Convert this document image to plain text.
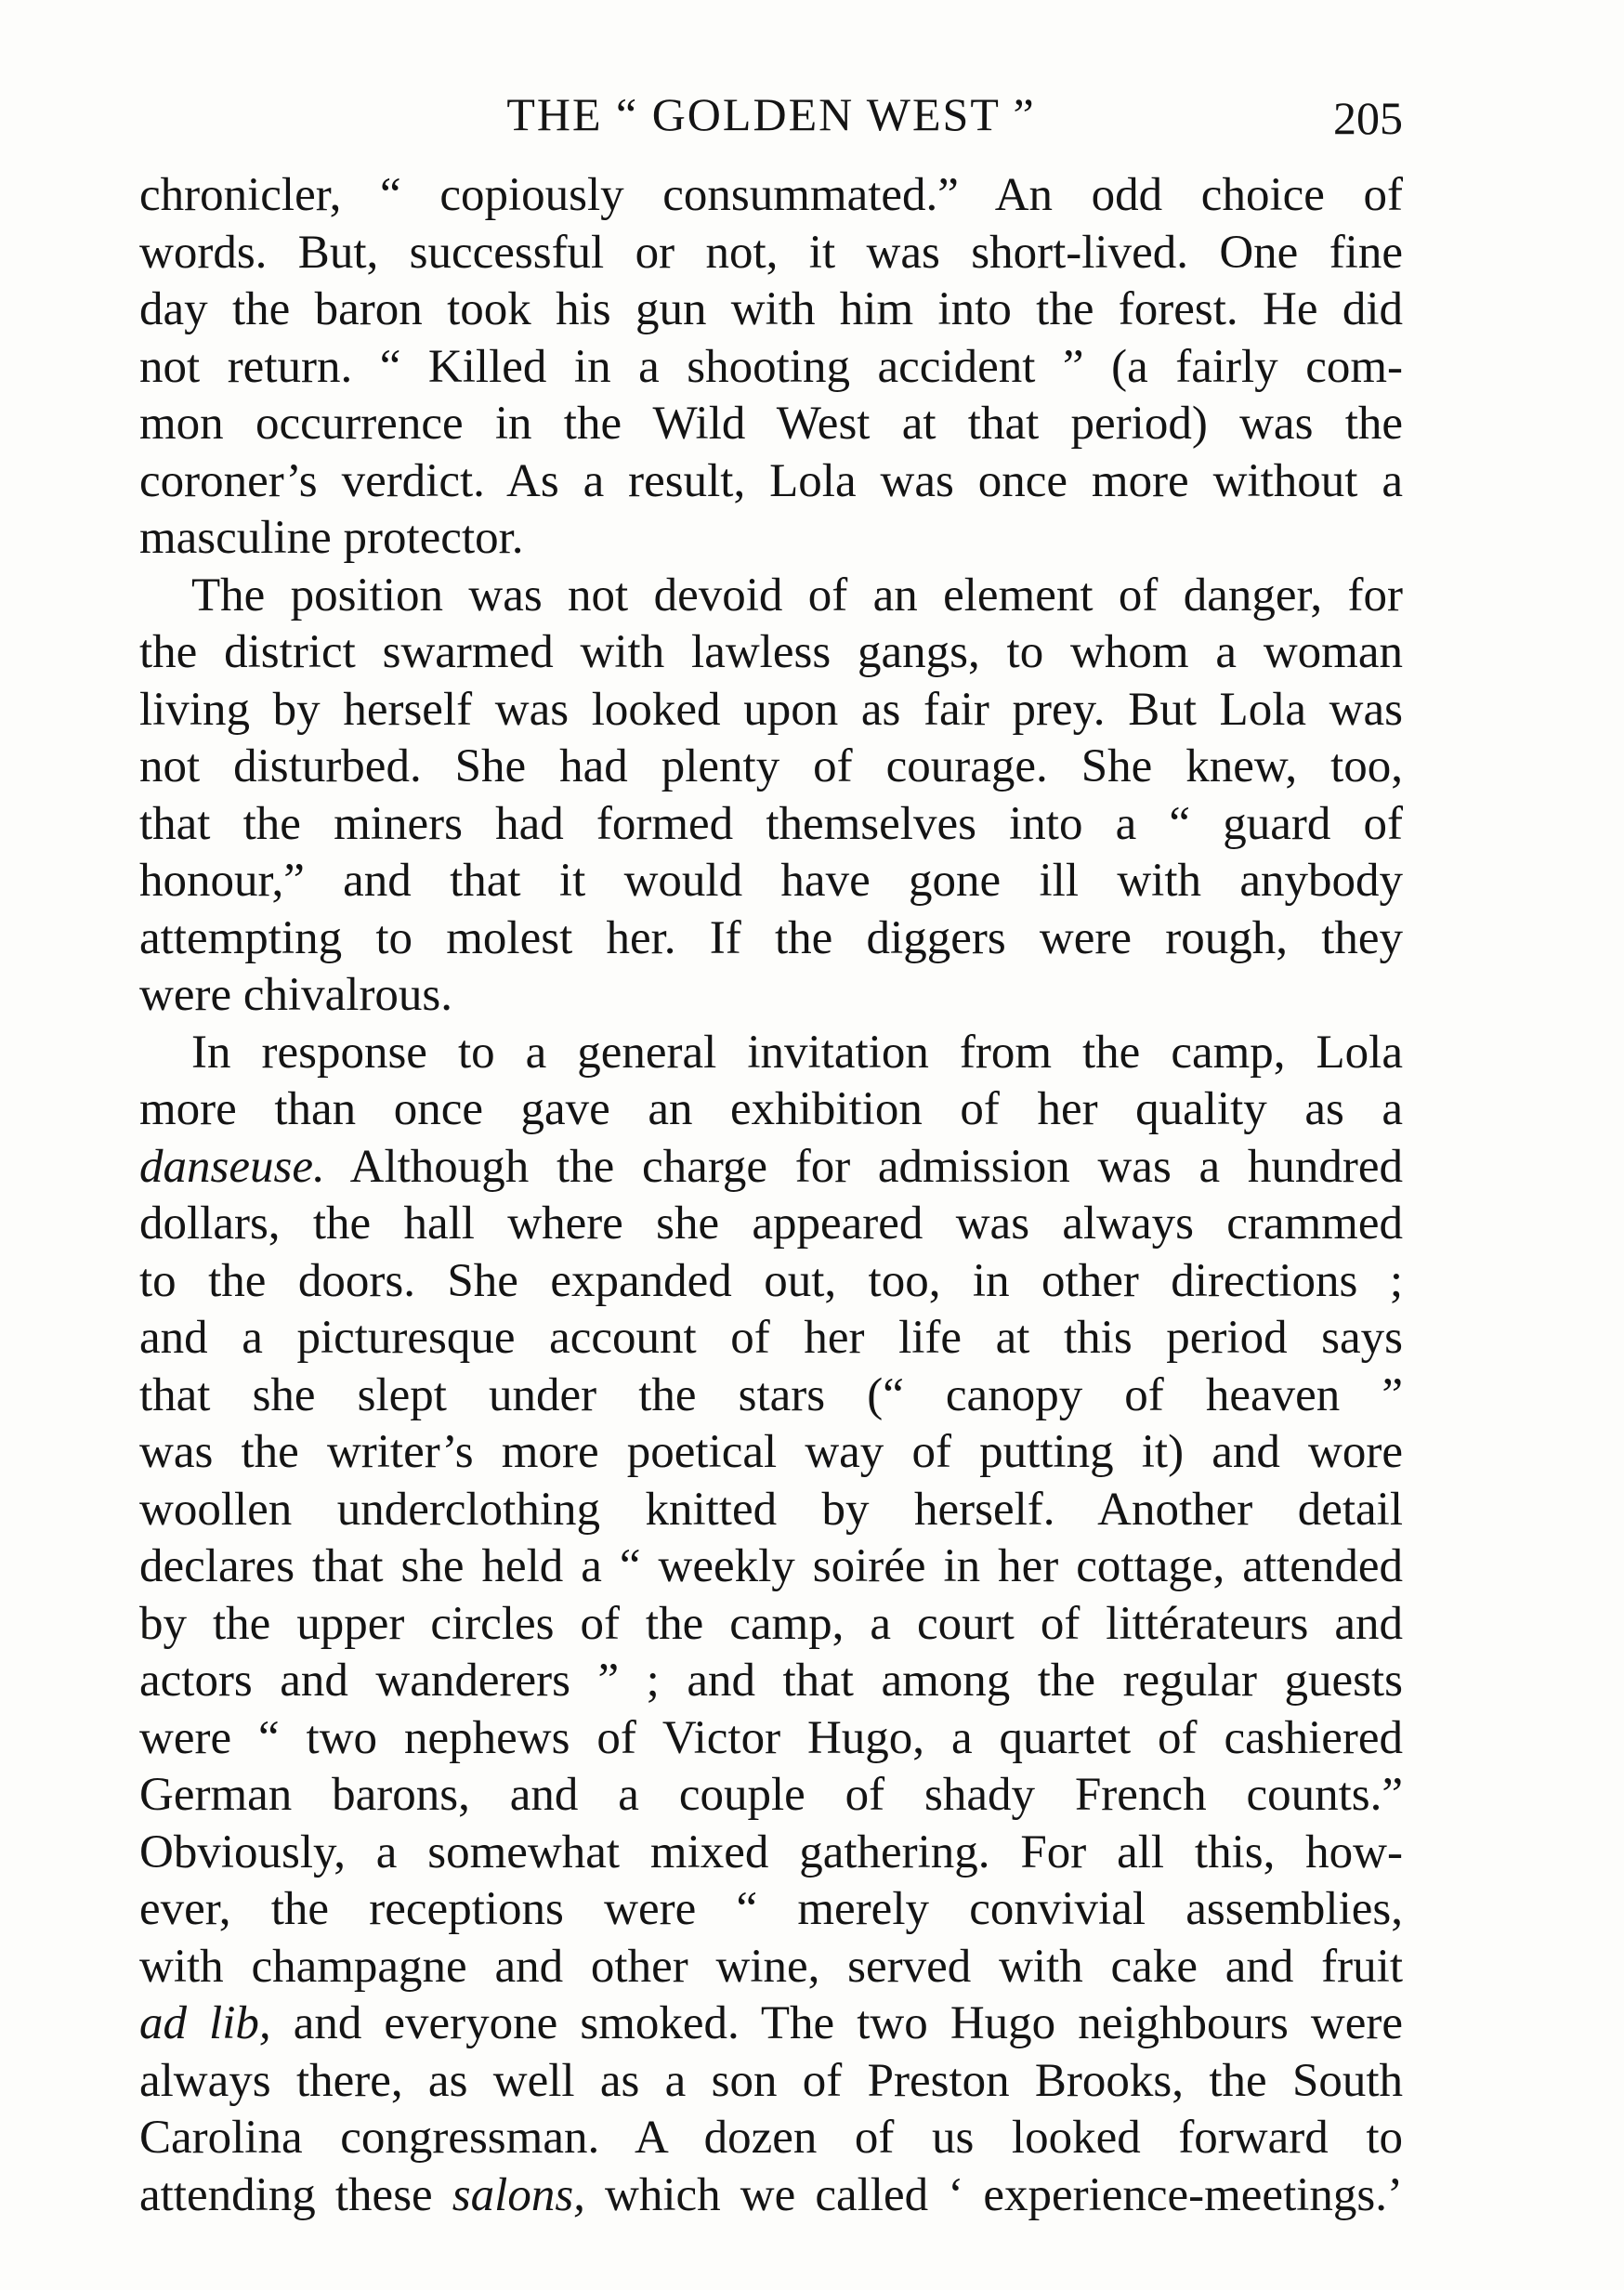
THE “ GOLDEN WEST ”	205
chronicler, “ copiously consummated.” An odd choice of
words. But, successful or not, it was short-lived. One fine
day the baron took his gun with him into the forest. He did
not return. “ Killed in a shooting accident ” (a fairly com-
mon occurrence in the Wild West at that period) was the
coroner’s verdict. As a result, Lola was once more without a
masculine protector.
The position was not devoid of an element of danger, for
the district swarmed with lawless gangs, to whom a woman
living by herself was looked upon as fair prey. But Lola was
not disturbed. She had plenty of courage. She knew, too,
that the miners had formed themselves into a “ guard of
honour,” and that it would have gone ill with anybody
attempting to molest her. If the diggers were rough, they
were chivalrous.
In response to a general invitation from the camp, Lola
more than once gave an exhibition of her quality as a
danseuse. Although the charge for admission was a hundred
dollars, the hall where she appeared was always crammed
to the doors. She expanded out, too, in other directions ;
and a picturesque account of her life at this period says
that she slept under the stars (“ canopy of heaven ”
was the writer’s more poetical way of putting it) and wore
woollen underclothing knitted by herself. Another detail
declares that she held a “ weekly soirée in her cottage, attended
by the upper circles of the camp, a court of littérateurs and
actors and wanderers ” ; and that among the regular guests
were “ two nephews of Victor Hugo, a quartet of cashiered
German barons, and a couple of shady French counts.”
Obviously, a somewhat mixed gathering. For all this, how-
ever, the receptions were “ merely convivial assemblies,
with champagne and other wine, served with cake and fruit
ad lib, and everyone smoked. The two Hugo neighbours were
always there, as well as a son of Preston Brooks, the South
Carolina congressman. A dozen of us looked forward to
attending these salons, which we called ‘ experience-meetings.’
